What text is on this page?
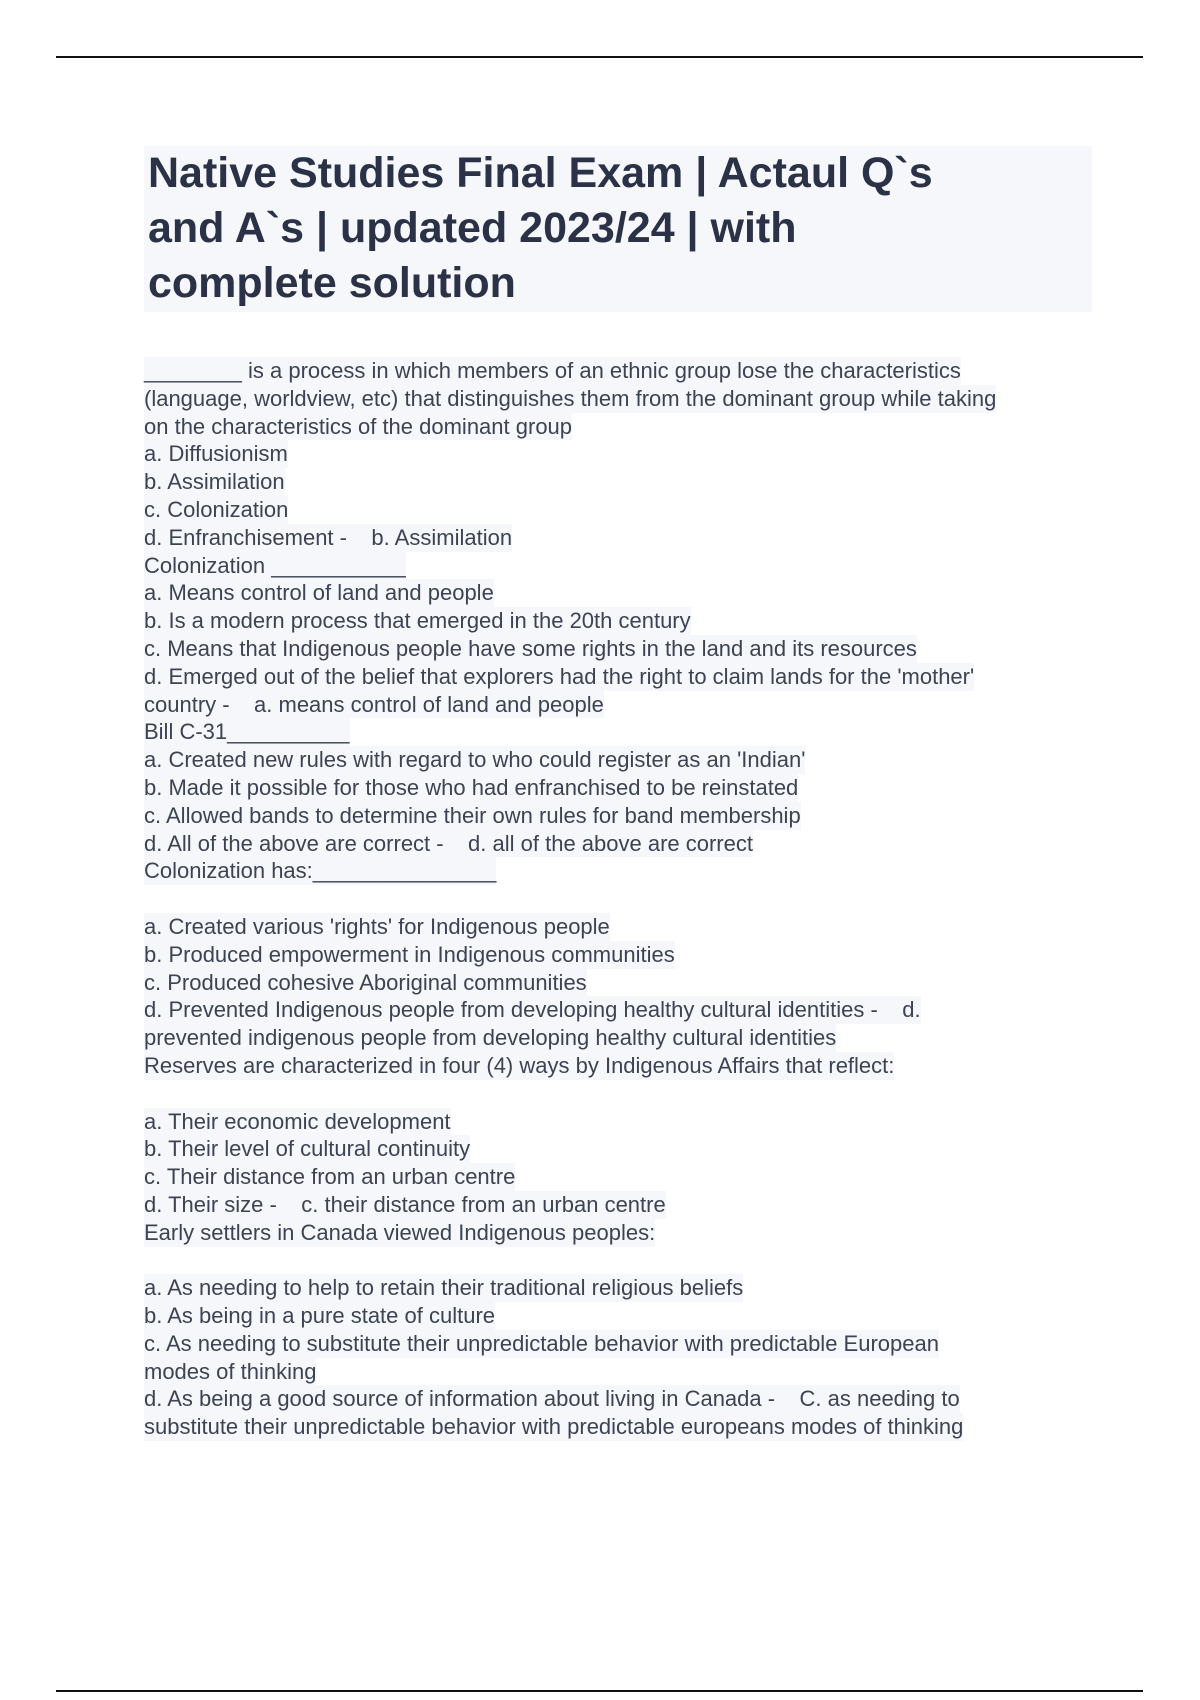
Native Studies Final Exam | Actaul Q`s
and A`s | updated 2023/24 | with
complete solution
________ is a process in which members of an ethnic group lose the characteristics
(language, worldview, etc) that distinguishes them from the dominant group while taking
on the characteristics of the dominant group
a. Diffusionism
b. Assimilation
c. Colonization
d. Enfranchisement -    b. Assimilation
Colonization ___________
a. Means control of land and people
b. Is a modern process that emerged in the 20th century
c. Means that Indigenous people have some rights in the land and its resources
d. Emerged out of the belief that explorers had the right to claim lands for the 'mother'
country -    a. means control of land and people
Bill C-31__________
a. Created new rules with regard to who could register as an 'Indian'
b. Made it possible for those who had enfranchised to be reinstated
c. Allowed bands to determine their own rules for band membership
d. All of the above are correct -    d. all of the above are correct
Colonization has:_______________
a. Created various 'rights' for Indigenous people
b. Produced empowerment in Indigenous communities
c. Produced cohesive Aboriginal communities
d. Prevented Indigenous people from developing healthy cultural identities -    d.
prevented indigenous people from developing healthy cultural identities
Reserves are characterized in four (4) ways by Indigenous Affairs that reflect:
a. Their economic development
b. Their level of cultural continuity
c. Their distance from an urban centre
d. Their size -    c. their distance from an urban centre
Early settlers in Canada viewed Indigenous peoples:
a. As needing to help to retain their traditional religious beliefs
b. As being in a pure state of culture
c. As needing to substitute their unpredictable behavior with predictable European
modes of thinking
d. As being a good source of information about living in Canada -    C. as needing to
substitute their unpredictable behavior with predictable europeans modes of thinking
